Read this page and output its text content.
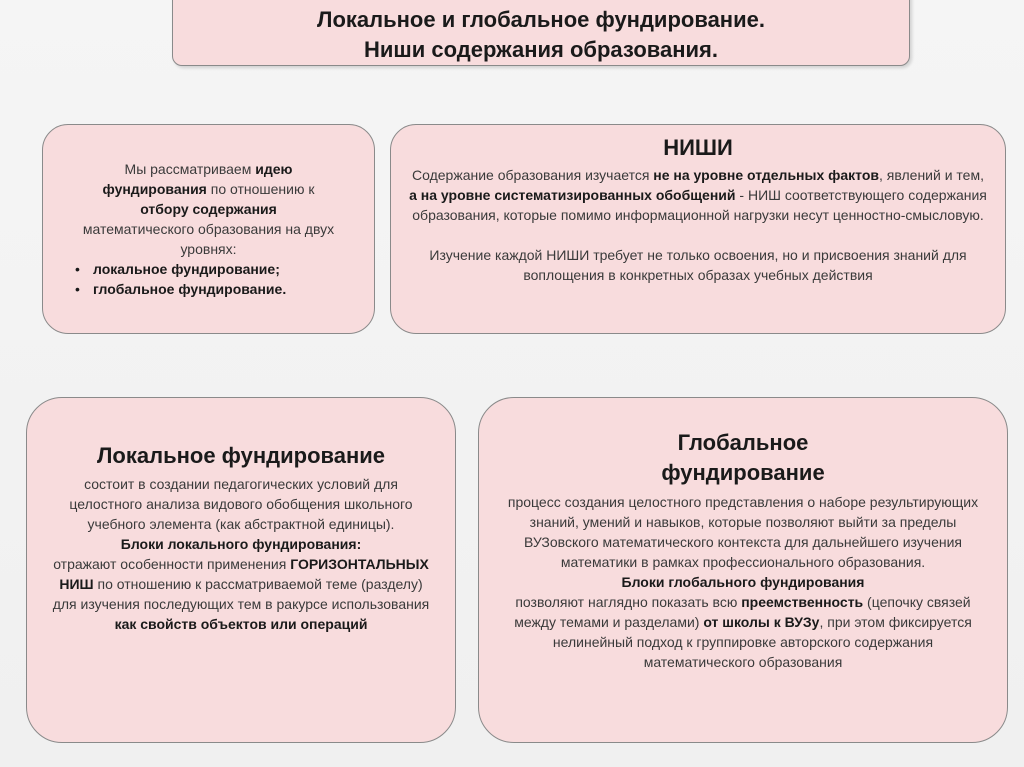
Локальное и глобальное фундирование.
Ниши содержания образования.
Мы рассматриваем идею
фундирования по отношению к
отбору содержания
математического образования на двух уровнях:
• локальное фундирование;
• глобальное фундирование.
НИШИ
Содержание образования изучается не на уровне отдельных фактов, явлений и тем, а на уровне систематизированных обобщений - НИШ соответствующего содержания образования, которые помимо информационной нагрузки несут ценностно-смысловую.
Изучение каждой НИШИ требует не только освоения, но и присвоения знаний для воплощения в конкретных образах учебных действия
Локальное фундирование
состоит в создании педагогических условий для целостного анализа видового обобщения школьного учебного элемента (как абстрактной единицы).
Блоки локального фундирования:
отражают особенности применения ГОРИЗОНТАЛЬНЫХ НИШ по отношению к рассматриваемой теме (разделу) для изучения последующих тем в ракурсе использования как свойств объектов или операций
Глобальное фундирование
процесс создания целостного представления о наборе результирующих знаний, умений и навыков, которые позволяют выйти за пределы ВУЗовского математического контекста для дальнейшего изучения математики в рамках профессионального образования.
Блоки глобального фундирования
позволяют наглядно показать всю преемственность (цепочку связей между темами и разделами) от школы к ВУЗу, при этом фиксируется нелинейный подход к группировке авторского содержания математического образования
